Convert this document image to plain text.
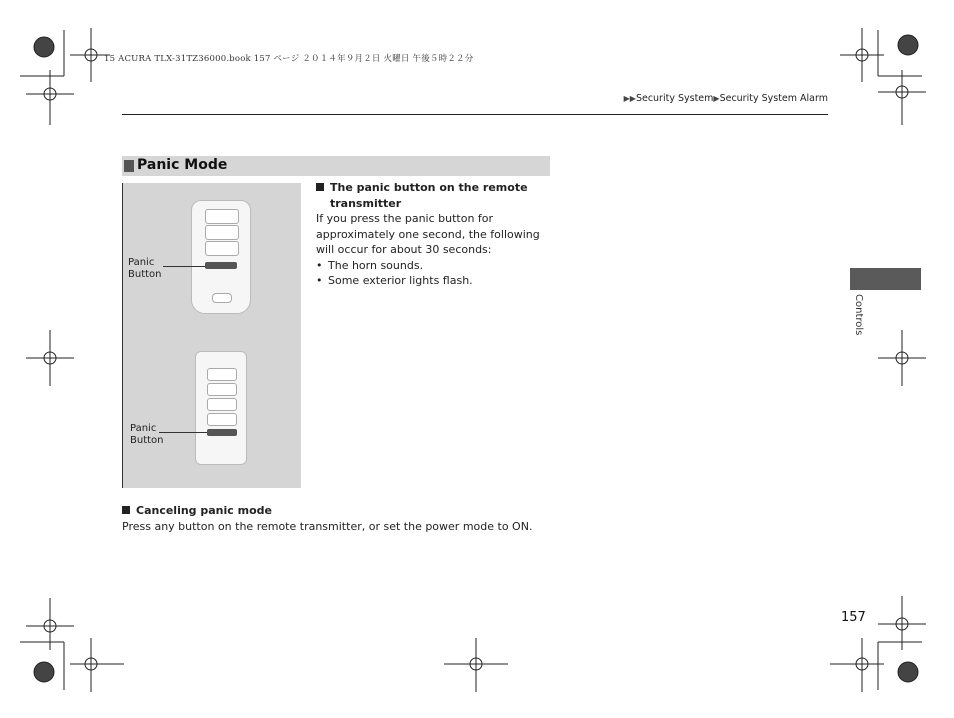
15 ACURA TLX-31TZ36000.book 157 ページ ２０１４年９月２日 火曜日 午後５時２２分
▶▶Security System▶Security System Alarm
Panic Mode
Panic
Button
Panic
Button
The panic button on the remote transmitter
If you press the panic button for approximately one second, the following will occur for about 30 seconds:
• The horn sounds.
• Some exterior lights flash.
Canceling panic mode
Press any button on the remote transmitter, or set the power mode to ON.
Controls
157
